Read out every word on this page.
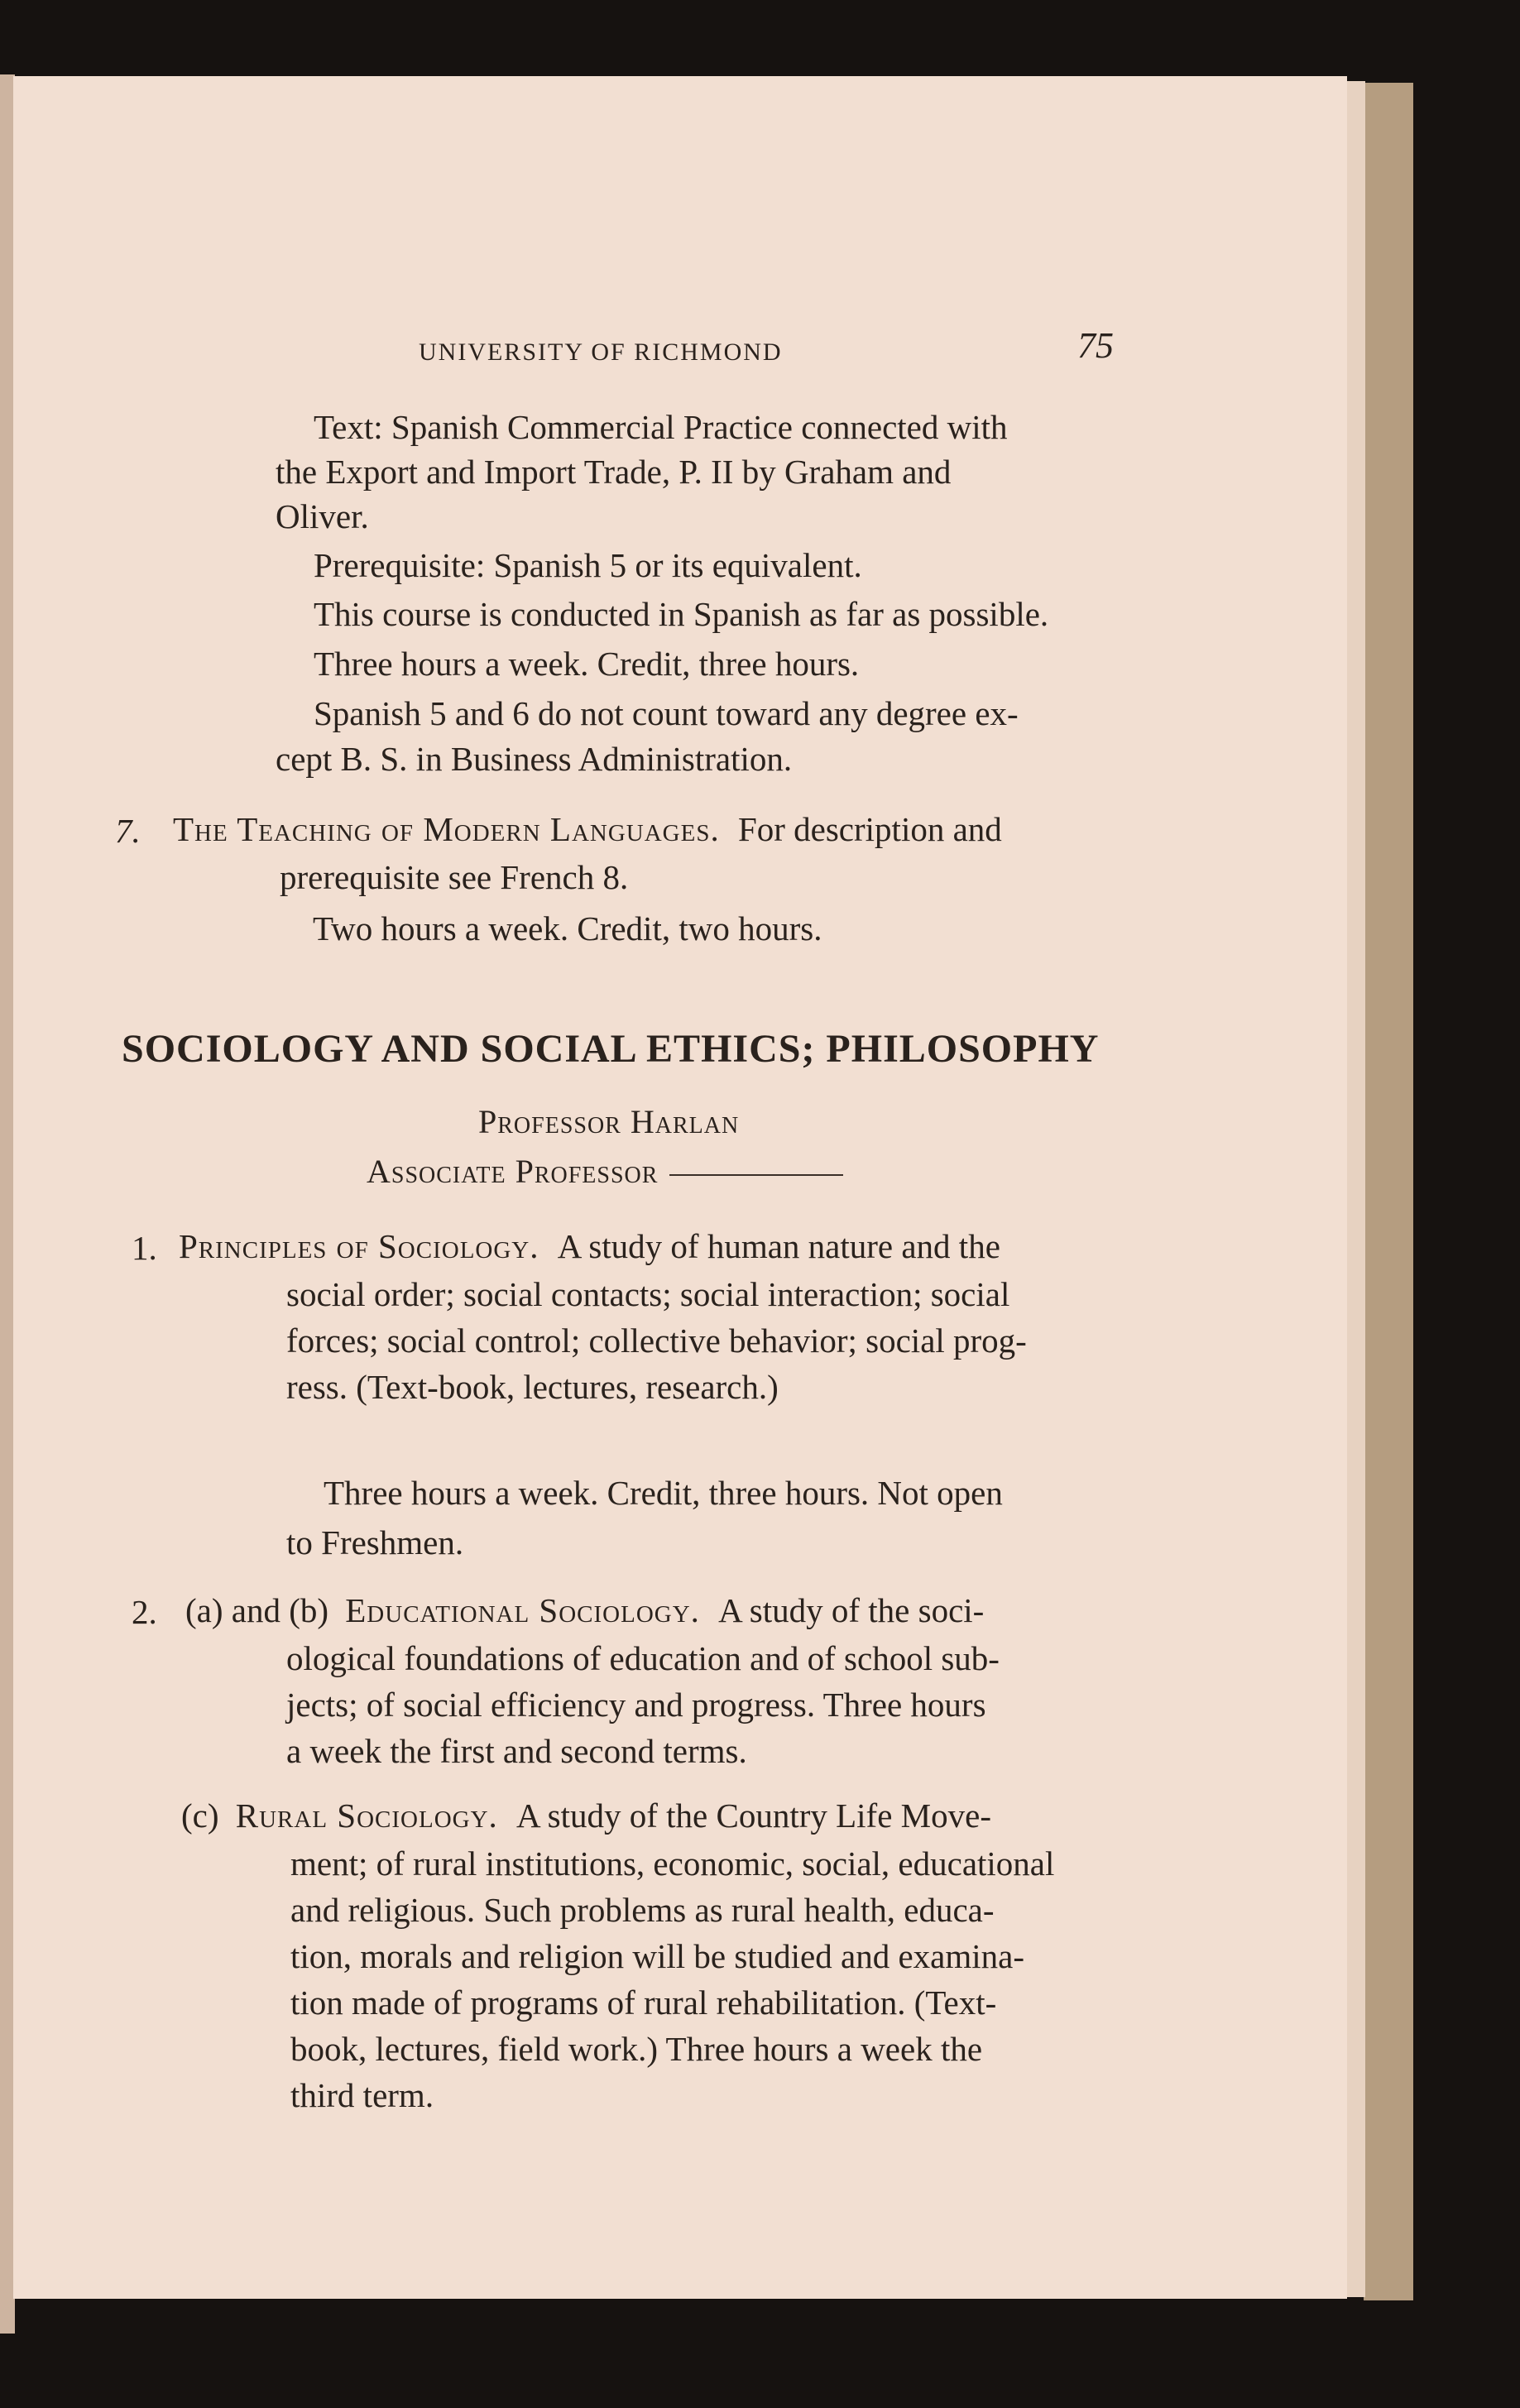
UNIVERSITY OF RICHMOND	75
Text: Spanish Commercial Practice connected with
the Export and Import Trade, P. II by Graham and
Oliver.
Prerequisite: Spanish 5 or its equivalent.
This course is conducted in Spanish as far as possible.
Three hours a week. Credit, three hours.
Spanish 5 and 6 do not count toward any degree ex-
cept B. S. in Business Administration.
7. The Teaching of Modern Languages. For description and
prerequisite see French 8.
Two hours a week. Credit, two hours.
SOCIOLOGY AND SOCIAL ETHICS; PHILOSOPHY
Professor Harlan
Associate Professor
1. Principles of Sociology. A study of human nature and the
social order; social contacts; social interaction; social
forces; social control; collective behavior; social prog-
ress. (Text-book, lectures, research.)
Three hours a week. Credit, three hours. Not open
to Freshmen.
2. (a) and (b) Educational Sociology. A study of the soci-
ological foundations of education and of school sub-
jects; of social efficiency and progress. Three hours
a week the first and second terms.
(c) Rural Sociology. A study of the Country Life Move-
ment; of rural institutions, economic, social, educational
and religious. Such problems as rural health, educa-
tion, morals and religion will be studied and examina-
tion made of programs of rural rehabilitation. (Text-
book, lectures, field work.) Three hours a week the
third term.
